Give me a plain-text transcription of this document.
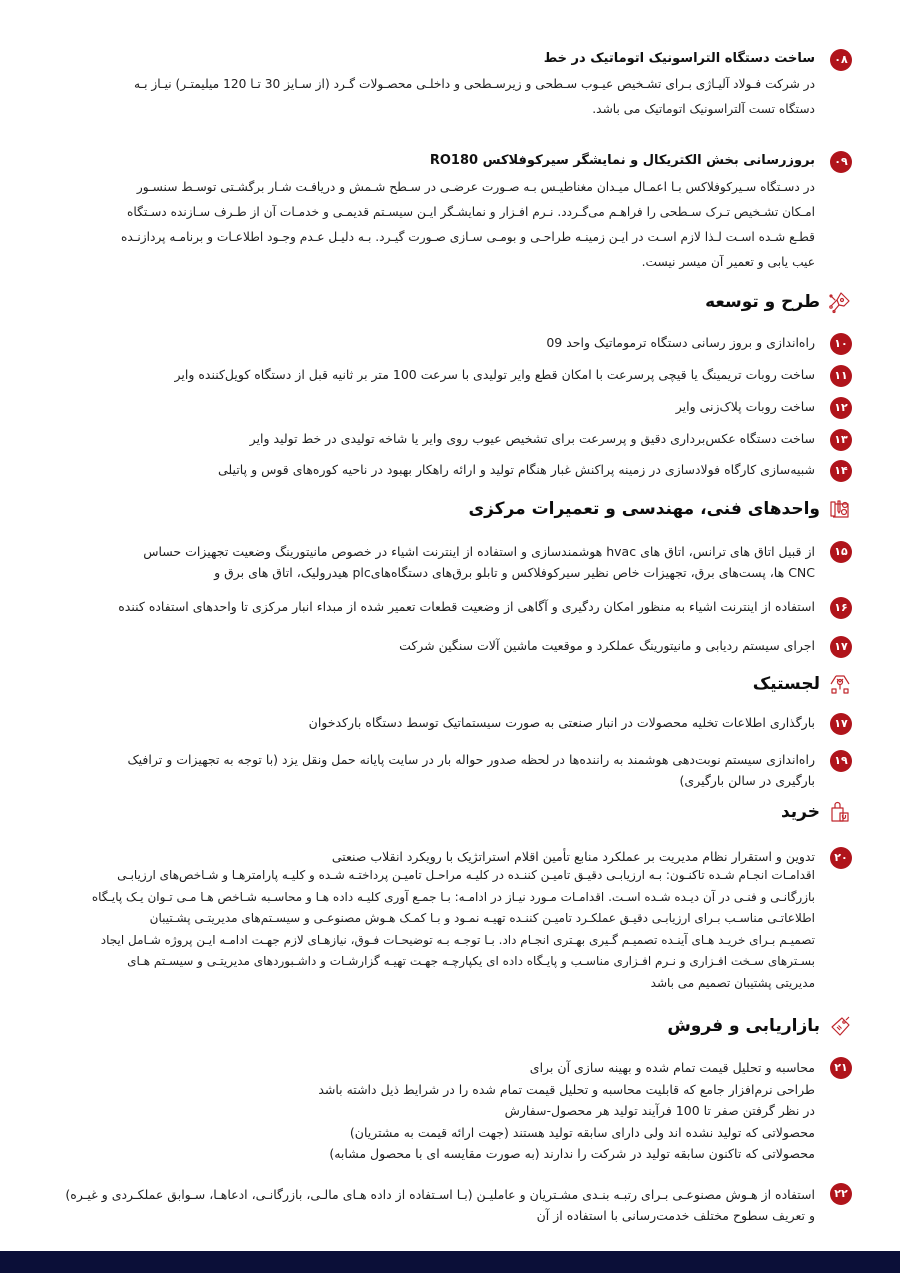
۰۸
ساخت دستگاه التراسونیک اتوماتیک در خط
در شرکت فـولاد آلیـاژی بـرای تشـخیص عیـوب سـطحی و زیرسـطحی و داخلـی محصـولات گـرد (از سـایز 30 تـا 120 میلیمتـر) نیـاز بـه
دستگاه تست آلتراسونیک اتوماتیک می باشد.
۰۹
بروزرسانی بخش الکتریکال و نمایشگر سیرکوفلاکس RO180
در دسـتگاه سـیرکوفلاکس بـا اعمـال میـدان مغناطیـس بـه صـورت عرضـی در سـطح شـمش و دریافـت شـار برگشـتی توسـط سنسـور
امـکان تشـخیص تـرک سـطحی را فراهـم می‌گـردد. نـرم افـزار و نمایشـگر ایـن سیسـتم قدیمـی و خدمـات آن از طـرف سـازنده دسـتگاه
قطـع شـده اسـت لـذا لازم اسـت در ایـن زمینـه طراحـی و بومـی سـازی صـورت گیـرد. بـه دلیـل عـدم وجـود اطلاعـات و برنامـه پردازنـده
عیب یابی و تعمیر آن میسر نیست.
طرح و توسعه
۱۰
راه‌اندازی و بروز رسانی دستگاه ترموماتیک واحد 09
۱۱
ساخت روبات تریمینگ یا قیچی پرسرعت با امکان قطع وایر تولیدی با سرعت 100 متر بر ثانیه قبل از دستگاه کویل‌کننده وایر
۱۲
ساخت روبات پلاک‌زنی وایر
۱۳
ساخت دستگاه عکس‌برداری دقیق و پرسرعت برای تشخیص عیوب روی وایر یا شاخه تولیدی در خط تولید وایر
۱۴
شبیه‌سازی کارگاه فولادسازی در زمینه پراکنش غبار هنگام تولید و ارائه راهکار بهبود در ناحیه کوره‌های قوس و پاتیلی
واحدهای فنی، مهندسی و تعمیرات مرکزی
۱۵
از قبیل اتاق های ترانس، اتاق های hvac هوشمندسازی و استفاده از اینترنت اشیاء در خصوص مانیتورینگ وضعیت تجهیزات حساس
CNC ها، پست‌های برق، تجهیزات خاص نظیر سیرکوفلاکس و تابلو برق‌های دستگاه‌هایplc هیدرولیک، اتاق های برق و
۱۶
استفاده از اینترنت اشیاء به منظور امکان ردگیری و آگاهی از وضعیت قطعات تعمیر شده از مبداء انبار مرکزی تا واحدهای استفاده کننده
۱۷
اجرای سیستم ردیابی و مانیتورینگ عملکرد و موقعیت ماشین آلات سنگین شرکت
لجستیک
۱۷
بارگذاری اطلاعات تخلیه محصولات در انبار صنعتی به صورت سیستماتیک توسط دستگاه بارکدخوان
۱۹
راه‌اندازی سیستم نوبت‌دهی هوشمند به راننده‌ها در لحظه صدور حواله بار در سایت پایانه حمل ونقل یزد (با توجه به تجهیزات و ترافیک
بارگیری در سالن بارگیری)
خرید
۲۰
تدوین و استقرار نظام مدیریت بر عملکرد منابع تأمین اقلام استراتژیک با رویکرد انقلاب صنعتی
اقدامـات انجـام شـده تاکنـون: بـه ارزیابـی دقیـق تامیـن کننـده در کلیـه مراحـل تامیـن پرداختـه شـده و کلیـه پارامترهـا و شـاخص‌های ارزیابـی
بازرگانـی و فنـی در آن دیـده شـده اسـت. اقدامـات مـورد نیـاز در ادامـه: بـا جمـع آوری کلیـه داده هـا و محاسـبه شـاخص هـا مـی تـوان یـک پایـگاه
اطلاعاتـی مناسـب بـرای ارزیابـی دقیـق عملکـرد تامیـن کننـده تهیـه نمـود و بـا کمـک هـوش مصنوعـی و سیسـتم‌های مدیریتـی پشـتیبان
تصمیـم بـرای خریـد هـای آینـده تصمیـم گـیری بهـتری انجـام داد. بـا توجـه بـه توضیحـات فـوق، نیازهـای لازم جهـت ادامـه ایـن پروژه شـامل ایجاد
بسـترهای سـخت افـزاری و نـرم افـزاری مناسـب و پایـگاه داده ای یکپارچـه جهـت تهیـه گزارشـات و داشـبوردهای مدیریتـی و سیسـتم هـای
مدیریتی پشتیبان تصمیم می باشد
بازاریابی و فروش
۲۱
محاسبه و تحلیل قیمت تمام شده و بهینه سازی آن برای
طراحی نرم‌افزار جامع که قابلیت محاسبه و تحلیل قیمت تمام شده را در شرایط ذیل داشته باشد
در نظر گرفتن صفر تا 100 فرآیند تولید هر محصول-سفارش
محصولاتی که تولید نشده اند ولی دارای سابقه تولید هستند (جهت ارائه قیمت به مشتریان)
محصولاتی که تاکنون سابقه تولید در شرکت را ندارند (به صورت مقایسه ای با محصول مشابه)
۲۲
استفاده از هـوش مصنوعـی بـرای رتبـه بنـدی مشـتریان و عاملیـن (بـا اسـتفاده از داده هـای مالـی، بازرگانـی، ادعاهـا، سـوابق عملکـردی و غیـره)
و تعریف سطوح مختلف خدمت‌رسانی با استفاده از آن
